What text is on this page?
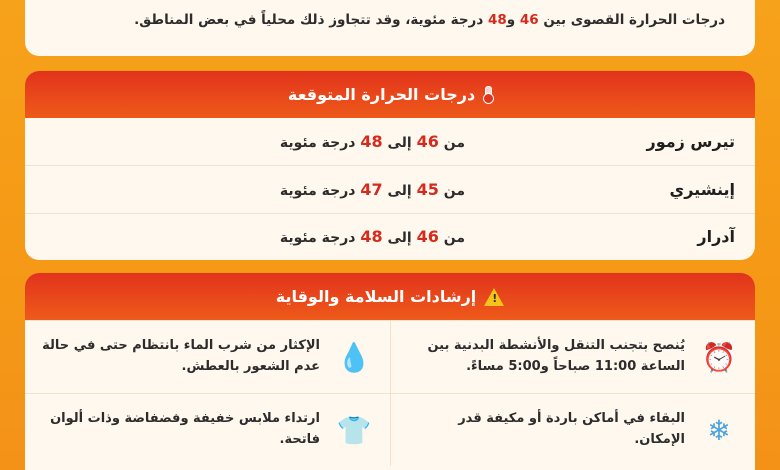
درجات الحرارة القصوى بين 46 و48 درجة مئوية، وقد تتجاوز ذلك محلياً في بعض المناطق.

درجات الحرارة المتوقعة
تيرس زمور
من 46 إلى 48 درجة مئوية
إينشيري
من 45 إلى 47 درجة مئوية
آدرار
من 46 إلى 48 درجة مئوية
!
إرشادات السلامة والوقاية
⏰
يُنصح بتجنب التنقل والأنشطة البدنية بين الساعة 11:00 صباحاً و5:00 مساءً.
💧
الإكثار من شرب الماء بانتظام حتى في حالة عدم الشعور بالعطش.
❄
البقاء في أماكن باردة أو مكيفة قدر الإمكان.
👕
ارتداء ملابس خفيفة وفضفاضة وذات ألوان فاتحة.
